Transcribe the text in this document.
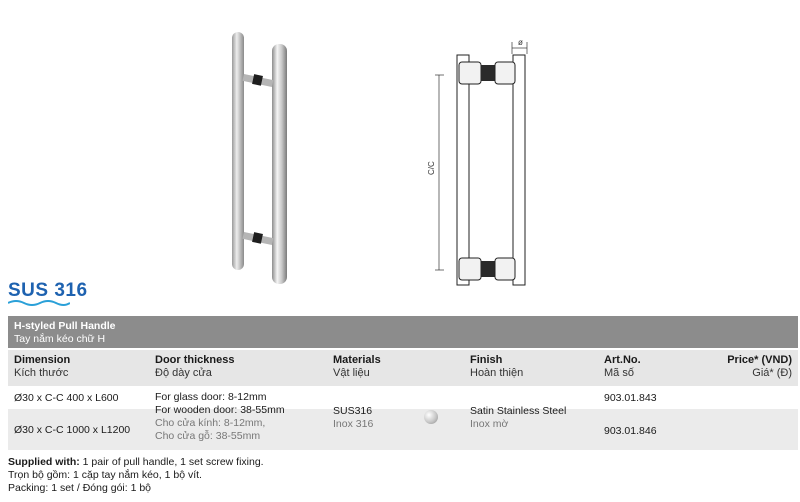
ø
C/C
SUS 316
H-styled Pull Handle
Tay nắm kéo chữ H
Dimension
Kích thước
Door thickness
Độ dày cửa
Materials
Vật liệu
Finish
Hoàn thiện
Art.No.
Mã số
Price* (VND)
Giá* (Đ)
Ø30 x C-C 400 x L600	903.01.843
Ø30 x C-C 1000 x L1200	903.01.846
For glass door: 8-12mm
For wooden door: 38-55mm
Cho cửa kính: 8-12mm,
Cho cửa gỗ: 38-55mm
SUS316
Inox 316
Satin Stainless Steel
Inox mờ
Supplied with: 1 pair of pull handle, 1 set screw fixing.
Trọn bộ gồm: 1 cặp tay nắm kéo, 1 bộ vít.
Packing: 1 set / Đóng gói: 1 bộ
